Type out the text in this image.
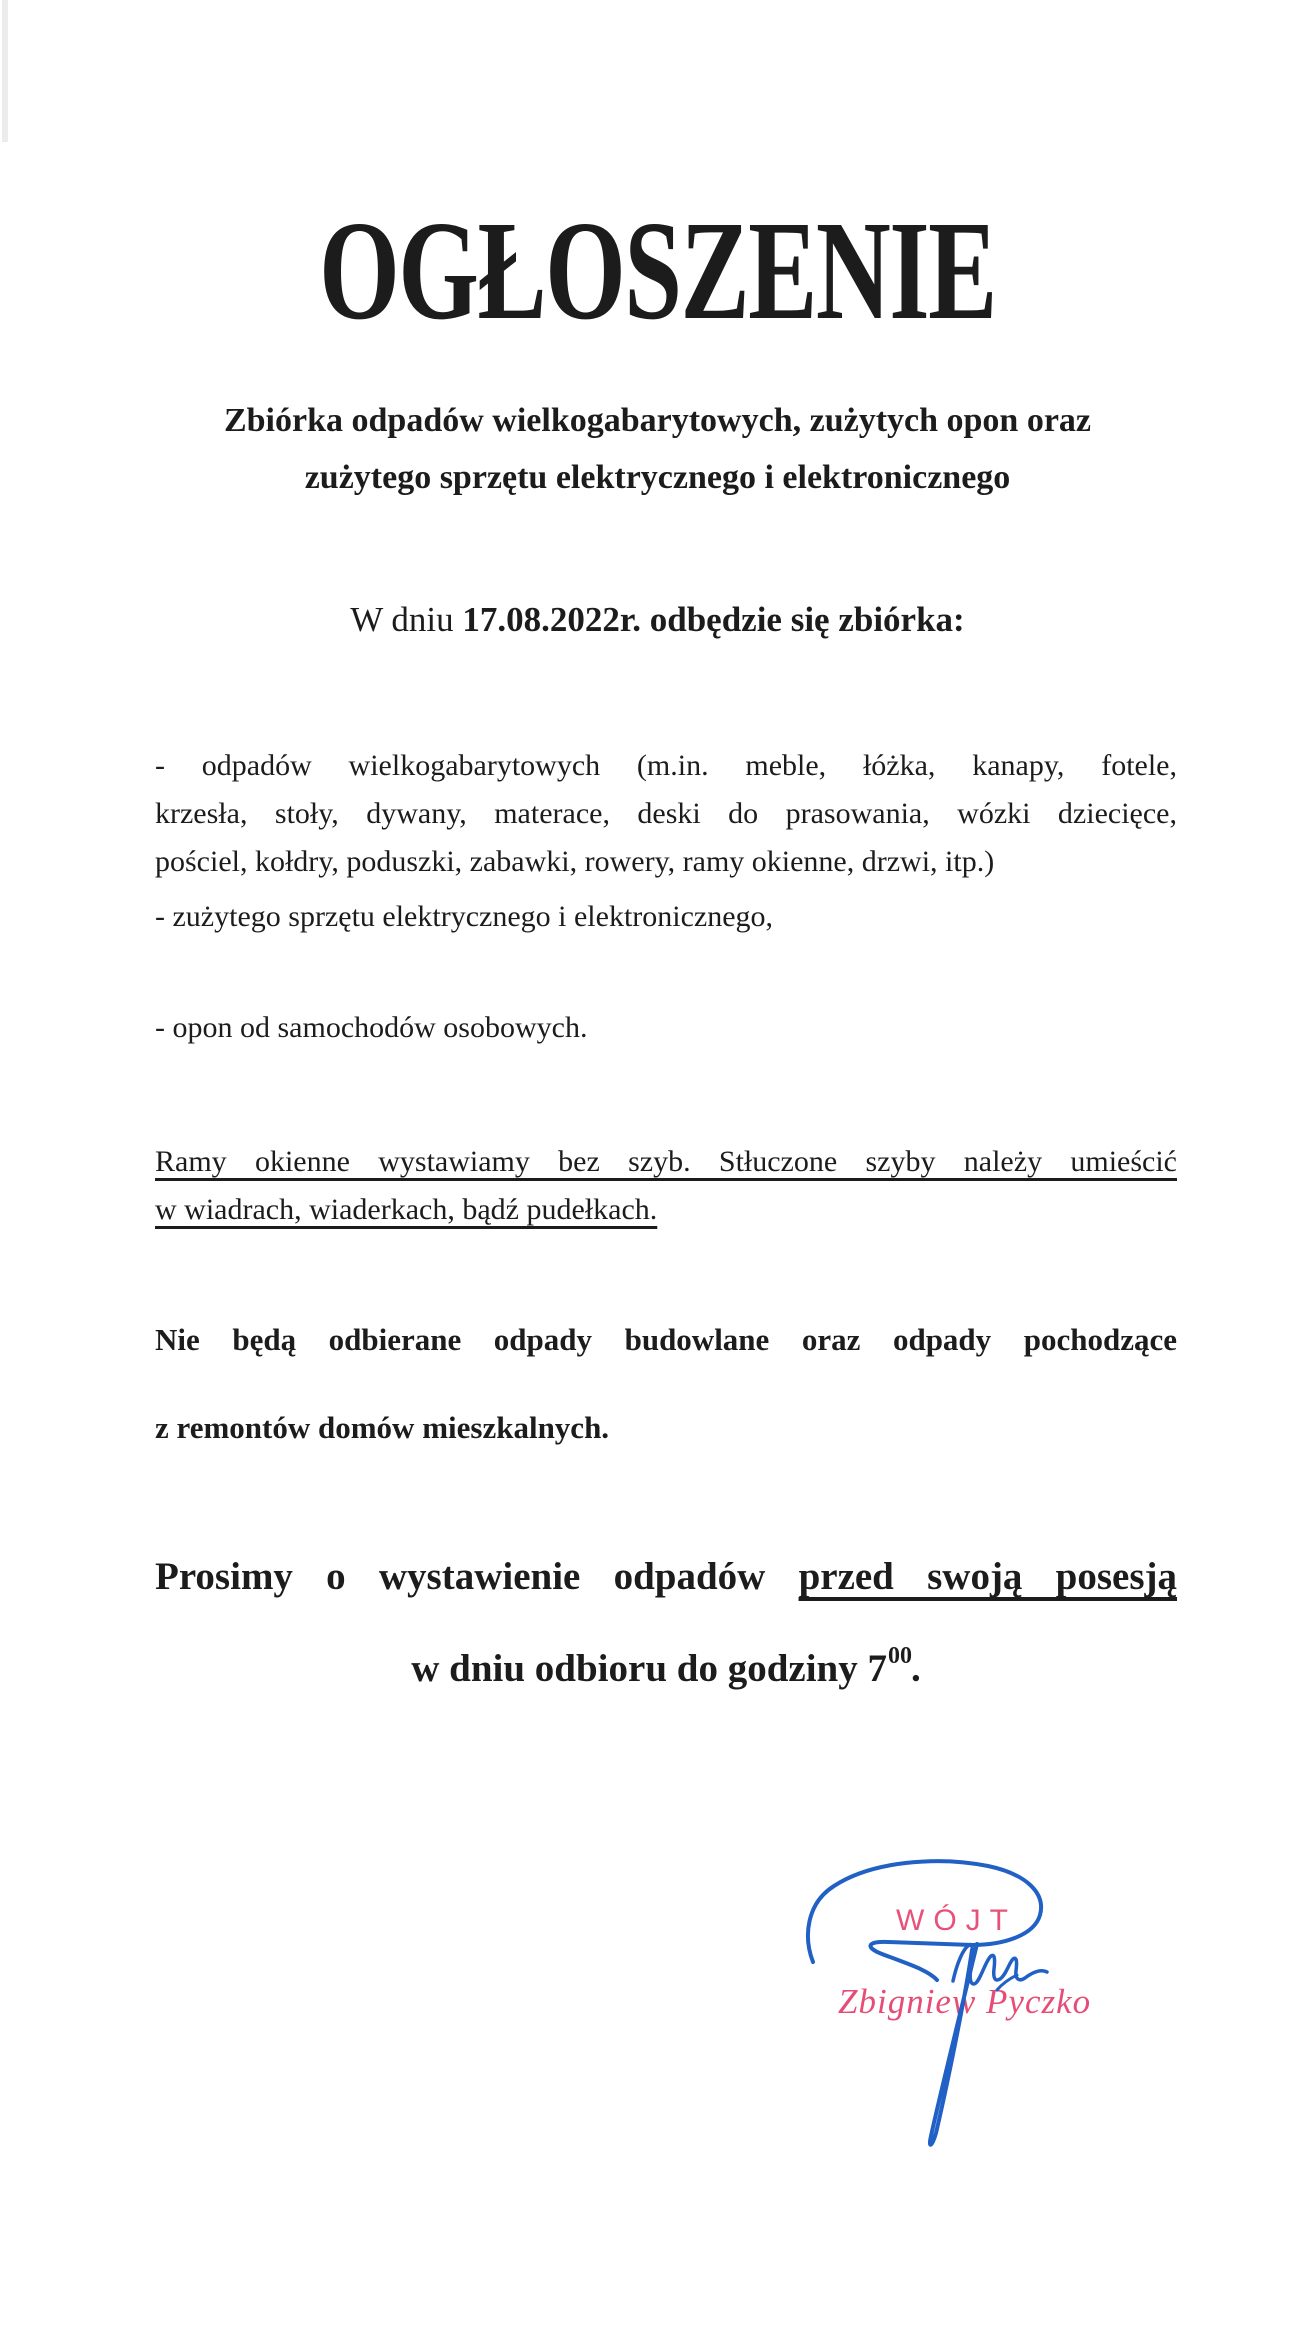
OGŁOSZENIE
Zbiórka odpadów wielkogabarytowych, zużytych opon oraz
zużytego sprzętu elektrycznego i elektronicznego
W dniu 17.08.2022r. odbędzie się zbiórka:
- odpadów wielkogabarytowych (m.in. meble, łóżka, kanapy, fotele,
krzesła, stoły, dywany, materace, deski do prasowania, wózki dziecięce,
pościel, kołdry, poduszki, zabawki, rowery, ramy okienne, drzwi, itp.)
- zużytego sprzętu elektrycznego i elektronicznego,
- opon od samochodów osobowych.
Ramy okienne wystawiamy bez szyb. Stłuczone szyby należy umieścić
w wiadrach, wiaderkach, bądź pudełkach.
Nie będą odbierane odpady budowlane oraz odpady pochodzące
z remontów domów mieszkalnych.
Prosimy o wystawienie odpadów przed swoją posesją
w dniu odbioru do godziny $7^{00}$.
WÓJT
Zbigniew Pyczko
